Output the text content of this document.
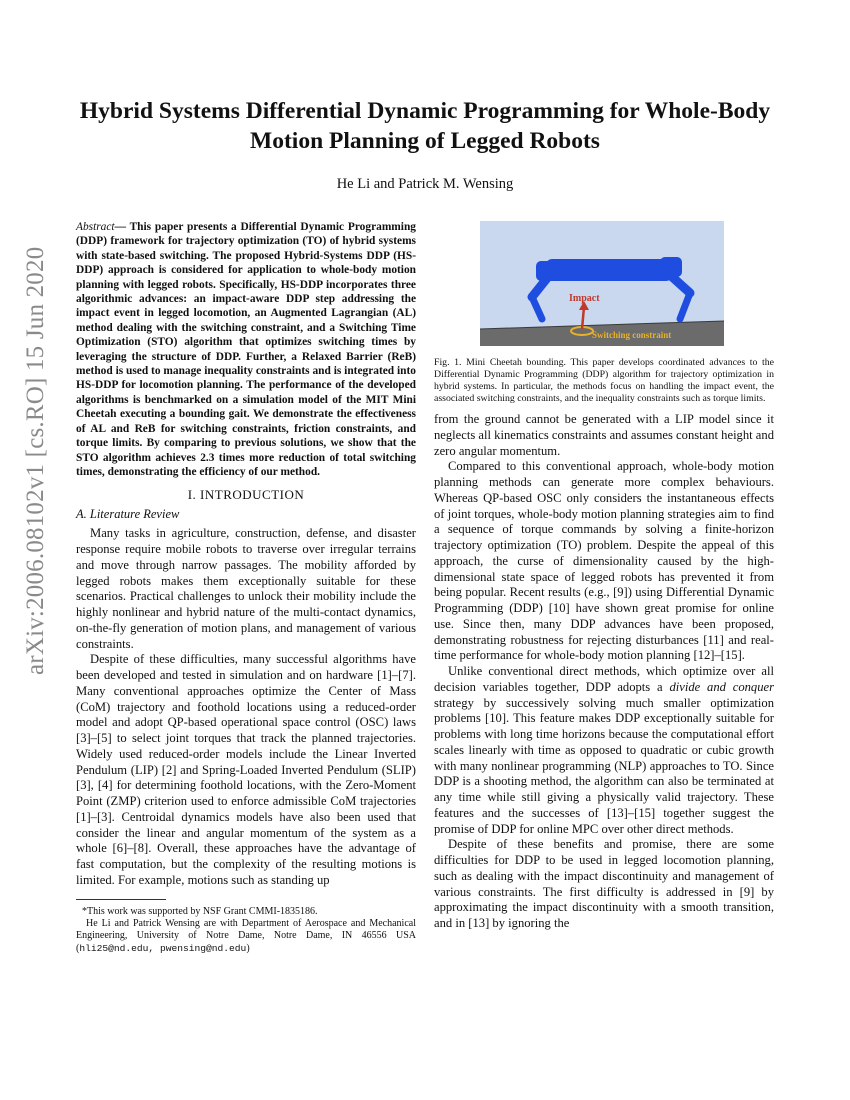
arXiv:2006.08102v1 [cs.RO] 15 Jun 2020
Hybrid Systems Differential Dynamic Programming for Whole-Body
Motion Planning of Legged Robots
He Li and Patrick M. Wensing
Abstract— This paper presents a Differential Dynamic Programming (DDP) framework for trajectory optimization (TO) of hybrid systems with state-based switching. The proposed Hybrid-Systems DDP (HS-DDP) approach is considered for application to whole-body motion planning with legged robots. Specifically, HS-DDP incorporates three algorithmic advances: an impact-aware DDP step addressing the impact event in legged locomotion, an Augmented Lagrangian (AL) method dealing with the switching constraint, and a Switching Time Optimization (STO) algorithm that optimizes switching times by leveraging the structure of DDP. Further, a Relaxed Barrier (ReB) method is used to manage inequality constraints and is integrated into HS-DDP for locomotion planning. The performance of the developed algorithms is benchmarked on a simulation model of the MIT Mini Cheetah executing a bounding gait. We demonstrate the effectiveness of AL and ReB for switching constraints, friction constraints, and torque limits. By comparing to previous solutions, we show that the STO algorithm achieves 2.3 times more reduction of total switching times, demonstrating the efficiency of our method.
I. INTRODUCTION
A. Literature Review

Many tasks in agriculture, construction, defense, and disaster response require mobile robots to traverse over irregular terrains and move through narrow passages. The mobility afforded by legged robots makes them exceptionally suitable for these scenarios. Practical challenges to unlock their mobility include the highly nonlinear and hybrid nature of the multi-contact dynamics, on-the-fly generation of motion plans, and management of various constraints.

Despite of these difficulties, many successful algorithms have been developed and tested in simulation and on hardware [1]–[7]. Many conventional approaches optimize the Center of Mass (CoM) trajectory and foothold locations using a reduced-order model and adopt QP-based operational space control (OSC) laws [3]–[5] to select joint torques that track the planned trajectories. Widely used reduced-order models include the Linear Inverted Pendulum (LIP) [2] and Spring-Loaded Inverted Pendulum (SLIP) [3], [4] for determining foothold locations, with the Zero-Moment Point (ZMP) criterion used to enforce admissible CoM trajectories [1]–[3]. Centroidal dynamics models have also been used that consider the linear and angular momentum of the system as a whole [6]–[8]. Overall, these approaches have the advantage of fast computation, but the complexity of the resulting motions is limited. For example, motions such as standing up

*This work was supported by NSF Grant CMMI-1835186.

He Li and Patrick Wensing are with Department of Aerospace and Mechanical Engineering, University of Notre Dame, Notre Dame, IN 46556 USA (hli25@nd.edu, pwensing@nd.edu)

Impact
Switching constraint
Fig. 1. Mini Cheetah bounding. This paper develops coordinated advances to the Differential Dynamic Programming (DDP) algorithm for trajectory optimization in hybrid systems. In particular, the methods focus on handling the impact event, the associated switching constraints, and the inequality constraints such as torque limits.

from the ground cannot be generated with a LIP model since it neglects all kinematics constraints and assumes constant height and zero angular momentum.

Compared to this conventional approach, whole-body motion planning methods can generate more complex behaviours. Whereas QP-based OSC only considers the instantaneous effects of joint torques, whole-body motion planning strategies aim to find a sequence of torque commands by solving a finite-horizon trajectory optimization (TO) problem. Despite the appeal of this approach, the curse of dimensionality caused by the high-dimensional state space of legged robots has prevented it from being popular. Recent results (e.g., [9]) using Differential Dynamic Programming (DDP) [10] have shown great promise for online use. Since then, many DDP advances have been proposed, demonstrating robustness for rejecting disturbances [11] and real-time performance for whole-body motion planning [12]–[15].

Unlike conventional direct methods, which optimize over all decision variables together, DDP adopts a divide and conquer strategy by successively solving much smaller optimization problems [10]. This feature makes DDP exceptionally suitable for problems with long time horizons because the computational effort scales linearly with time as opposed to quadratic or cubic growth with many nonlinear programming (NLP) approaches to TO. Since DDP is a shooting method, the algorithm can also be terminated at any time while still giving a physically valid trajectory. These features and the successes of [13]–[15] together suggest the promise of DDP for online MPC over other direct methods.

Despite of these benefits and promise, there are some difficulties for DDP to be used in legged locomotion planning, such as dealing with the impact discontinuity and management of various constraints. The first difficulty is addressed in [9] by approximating the impact discontinuity with a smooth transition, and in [13] by ignoring the
